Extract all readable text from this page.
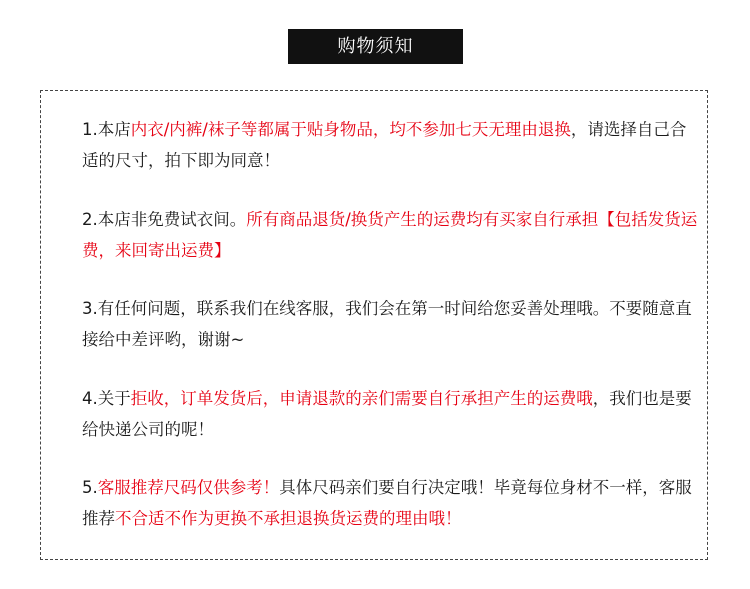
购物须知
1.本店内衣/内裤/袜子等都属于贴身物品，均不参加七天无理由退换，请选择自己合适的尺寸，拍下即为同意！
2.本店非免费试衣间。所有商品退货/换货产生的运费均有买家自行承担【包括发货运费，来回寄出运费】
3.有任何问题，联系我们在线客服，我们会在第一时间给您妥善处理哦。不要随意直接给中差评哟，谢谢~
4.关于拒收，订单发货后，申请退款的亲们需要自行承担产生的运费哦，我们也是要给快递公司的呢！
5.客服推荐尺码仅供参考！具体尺码亲们要自行决定哦！毕竟每位身材不一样，客服推荐不合适不作为更换不承担退换货运费的理由哦！
